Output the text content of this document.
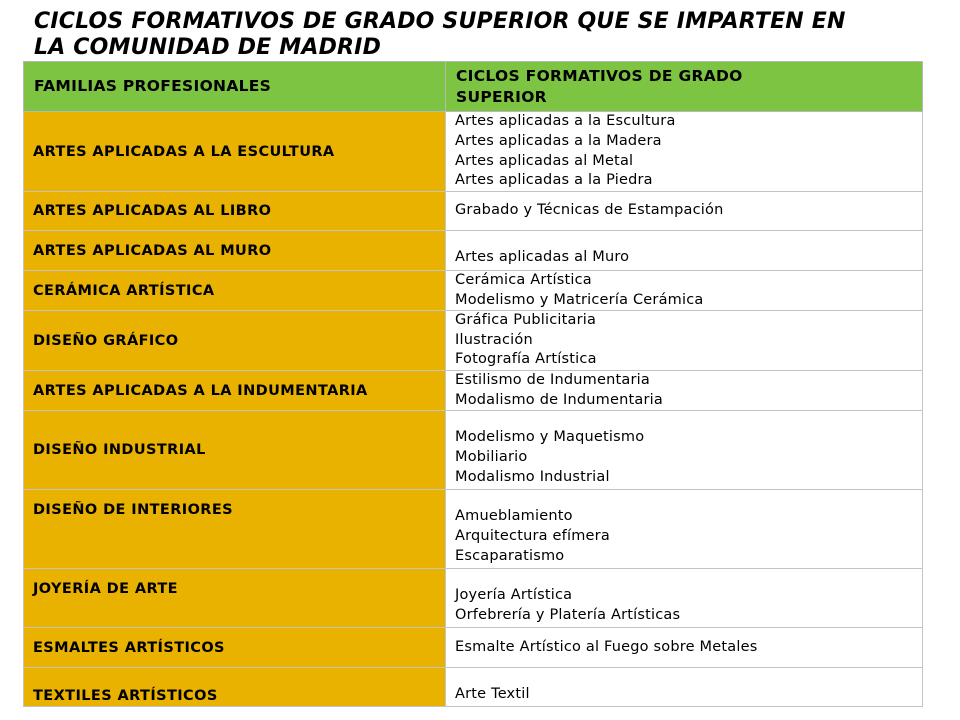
CICLOS FORMATIVOS DE GRADO SUPERIOR QUE SE IMPARTEN EN
LA COMUNIDAD DE MADRID
FAMILIAS PROFESIONALES	CICLOS FORMATIVOS DE GRADO
SUPERIOR

ARTES APLICADAS A LA ESCULTURA	Artes aplicadas a la Escultura
Artes aplicadas a la Madera
Artes aplicadas al Metal
Artes aplicadas a la Piedra

ARTES APLICADAS AL LIBRO	Grabado y Técnicas de Estampación

ARTES APLICADAS AL MURO	Artes aplicadas al Muro

CERÁMICA ARTÍSTICA	Cerámica Artística
Modelismo y Matricería Cerámica

DISEÑO GRÁFICO	Gráfica Publicitaria
Ilustración
Fotografía Artística

ARTES APLICADAS A LA INDUMENTARIA	Estilismo de Indumentaria
Modalismo de Indumentaria

DISEÑO INDUSTRIAL	Modelismo y Maquetismo
Mobiliario
Modalismo Industrial

DISEÑO DE INTERIORES	Amueblamiento
Arquitectura efímera
Escaparatismo

JOYERÍA DE ARTE	Joyería Artística
Orfebrería y Platería Artísticas

ESMALTES ARTÍSTICOS	Esmalte Artístico al Fuego sobre Metales

TEXTILES ARTÍSTICOS	Arte Textil
